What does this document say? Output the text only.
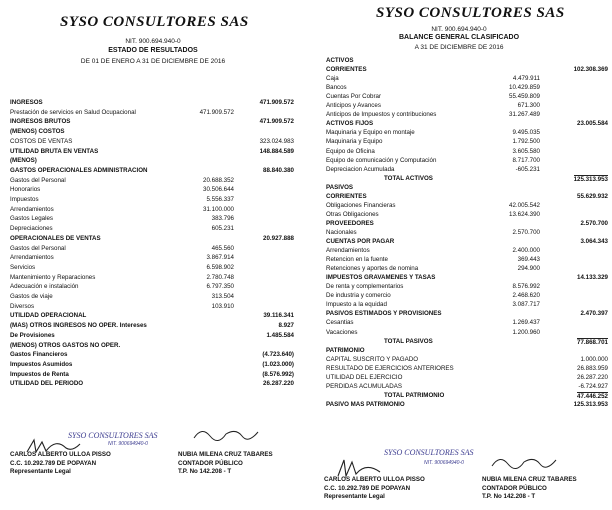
SYSO CONSULTORES SAS
NIT. 900.694.940-0
ESTADO DE RESULTADOS
DE 01 DE ENERO A 31 DE DICIEMBRE DE 2016
INGRESOS	471.909.572
Prestación de servicios en Salud Ocupacional	471.909.572
INGRESOS BRUTOS	471.909.572
(MENOS) COSTOS
COSTOS DE VENTAS	323.024.983
UTILIDAD BRUTA EN VENTAS	148.884.589
(MENOS)
GASTOS OPERACIONALES ADMINISTRACION	88.840.380
Gastos del Personal	20.688.352
Honorarios	30.506.644
Impuestos	5.556.337
Arrendamientos	31.100.000
Gastos Legales	383.796
Depreciaciones	605.231
OPERACIONALES DE VENTAS	20.927.888
Gastos del Personal	465.560
Arrendamientos	3.867.914
Servicios	6.598.902
Mantenimiento y Reparaciones	2.780.748
Adecuación e instalación	6.797.350
Gastos de viaje	313.504
Diversos	103.910
UTILIDAD OPERACIONAL	39.116.341
(MAS) OTROS INGRESOS NO OPER. Intereses	8.927
De Provisiones	1.485.584
(MENOS) OTROS GASTOS NO OPER.
Gastos Financieros	(4.723.640)
Impuestos Asumidos	(1.023.000)
Impuestos de Renta	(8.576.992)
UTILIDAD DEL PERIODO	26.287.220
SYSO CONSULTORES SAS
NIT. 900694940-0
CARLOS ALBERTO ULLOA PISSO
C.C. 10.292.789 DE POPAYAN
Representante Legal
NUBIA MILENA CRUZ TABARES
CONTADOR PÚBLICO
T.P. No 142.208 - T
SYSO CONSULTORES SAS
NIT. 900.694.940-0
BALANCE GENERAL CLASIFICADO
A 31 DE DICIEMBRE DE 2016
ACTIVOS
CORRIENTES	102.308.369
Caja	4.479.911
Bancos	10.429.859
Cuentas Por Cobrar	55.459.809
Anticipos y Avances	671.300
Anticipos de Impuestos y contribuciones	31.267.489
ACTIVOS FIJOS	23.005.584
Maquinaria y Equipo en montaje	9.495.035
Maquinaria y Equipo	1.792.500
Equipo de Oficina	3.605.580
Equipo de comunicación y Computación	8.717.700
Depreciacion Acumulada	-605.231
TOTAL ACTIVOS	125.313.953
PASIVOS
CORRIENTES	55.629.932
Obligaciones Financieras	42.005.542
Otras Obligaciones	13.624.390
PROVEEDORES	2.570.700
Nacionales	2.570.700
CUENTAS POR PAGAR	3.064.343
Arrendamientos	2.400.000
Retencion en la fuente	369.443
Retenciones y aportes de nomina	294.900
IMPUESTOS GRAVAMENES Y TASAS	14.133.329
De renta y complementarios	8.576.992
De industria y comercio	2.468.620
Impuesto a la equidad	3.087.717
PASIVOS ESTIMADOS Y PROVISIONES	2.470.397
Cesantias	1.269.437
Vacaciones	1.200.960
TOTAL PASIVOS	77.868.701
PATRIMONIO
CAPITAL SUSCRITO Y PAGADO	1.000.000
RESULTADO DE EJERCICIOS ANTERIORES	26.883.959
UTILIDAD DEL EJERCICIO	26.287.220
PERDIDAS ACUMULADAS	-6.724.927
TOTAL PATRIMONIO	47.446.252
PASIVO MAS PATRIMONIO	125.313.953
SYSO CONSULTORES SAS
NIT. 900694940-0
CARLOS ALBERTO ULLOA PISSO
C.C. 10.292.789 DE POPAYAN
Representante Legal
NUBIA MILENA CRUZ TABARES
CONTADOR PÚBLICO
T.P. No 142.208 - T
